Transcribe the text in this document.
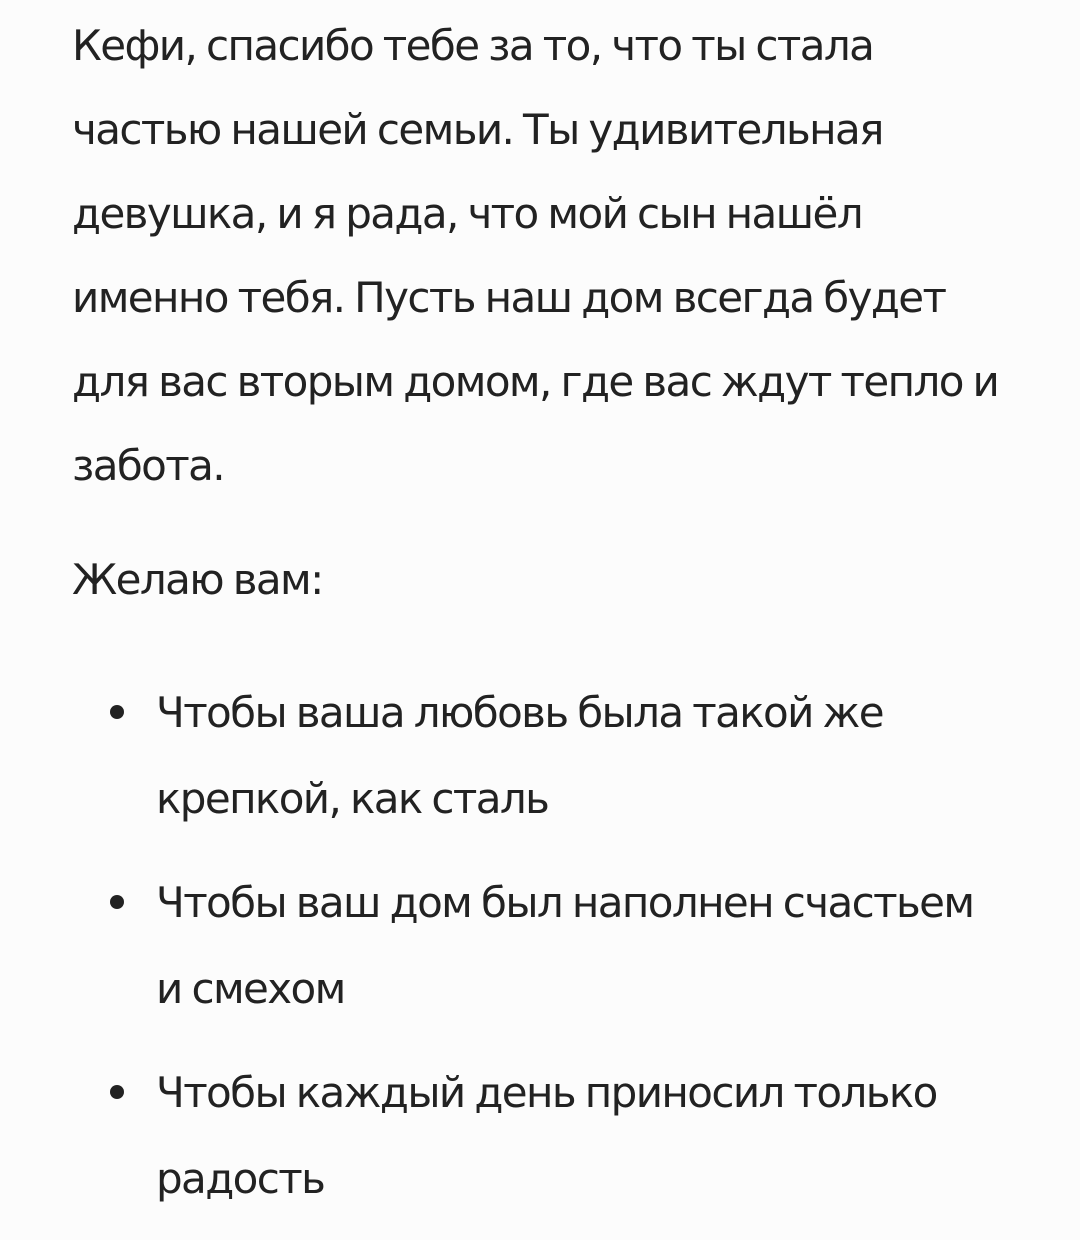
Кефи, спасибо тебе за то, что ты стала частью нашей семьи. Ты удивительная девушка, и я рада, что мой сын нашёл именно тебя. Пусть наш дом всегда будет для вас вторым домом, где вас ждут тепло и забота.

Желаю вам:

Чтобы ваша любовь была такой же крепкой, как сталь
Чтобы ваш дом был наполнен счастьем и смехом
Чтобы каждый день приносил только радость
